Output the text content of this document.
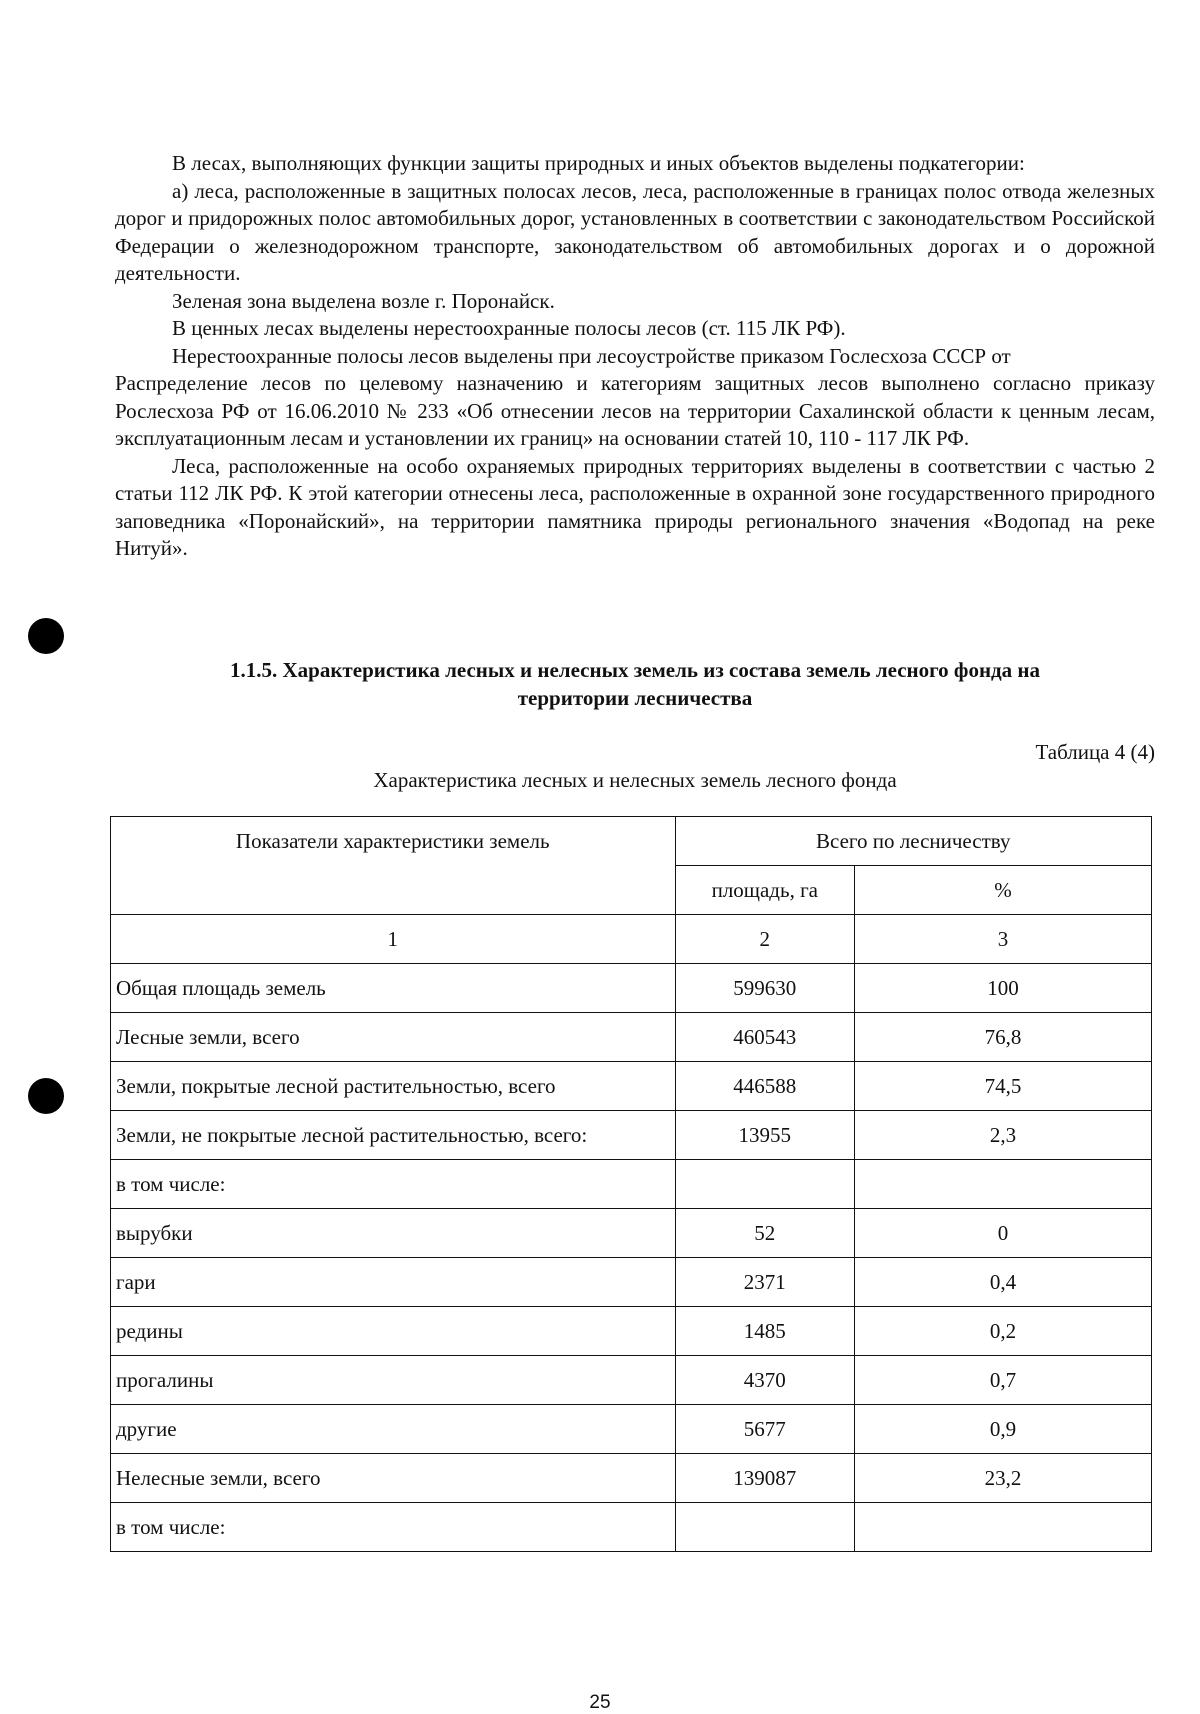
В лесах, выполняющих функции защиты природных и иных объектов выделены подкатегории:

а) леса, расположенные в защитных полосах лесов, леса, расположенные в границах полос отвода железных дорог и придорожных полос автомобильных дорог, установленных в соответствии с законодательством Российской Федерации о железнодорожном транспорте, законодательством об автомобильных дорогах и о дорожной деятельности.

Зеленая зона выделена возле г. Поронайск.

В ценных лесах выделены нерестоохранные полосы лесов (ст. 115 ЛК РФ).

Нерестоохранные полосы лесов выделены при лесоустройстве приказом Гослесхоза СССР от

Распределение лесов по целевому назначению и категориям защитных лесов выполнено согласно приказу Рослесхоза РФ от 16.06.2010 № 233 «Об отнесении лесов на территории Сахалинской области к ценным лесам, эксплуатационным лесам и установлении их границ» на основании статей 10, 110 - 117 ЛК РФ.

Леса, расположенные на особо охраняемых природных территориях выделены в соответствии с частью 2 статьи 112 ЛК РФ. К этой категории отнесены леса, расположенные в охранной зоне государственного природного заповедника «Поронайский», на территории памятника природы регионального значения «Водопад на реке Нитуй».

1.1.5. Характеристика лесных и нелесных земель из состава земель лесного фонда на
территории лесничества
Таблица 4 (4)
Характеристика лесных и нелесных земель лесного фонда
Показатели характеристики земель	Всего по лесничеству	
	площадь, га	%
1	2	3
Общая площадь земель	599630	100
Лесные земли, всего	460543	76,8
Земли, покрытые лесной растительностью, всего	446588	74,5
Земли, не покрытые лесной растительностью, всего:	13955	2,3
в том числе:		
вырубки	52	0
гари	2371	0,4
редины	1485	0,2
прогалины	4370	0,7
другие	5677	0,9
Нелесные земли, всего	139087	23,2
в том числе:		
25
